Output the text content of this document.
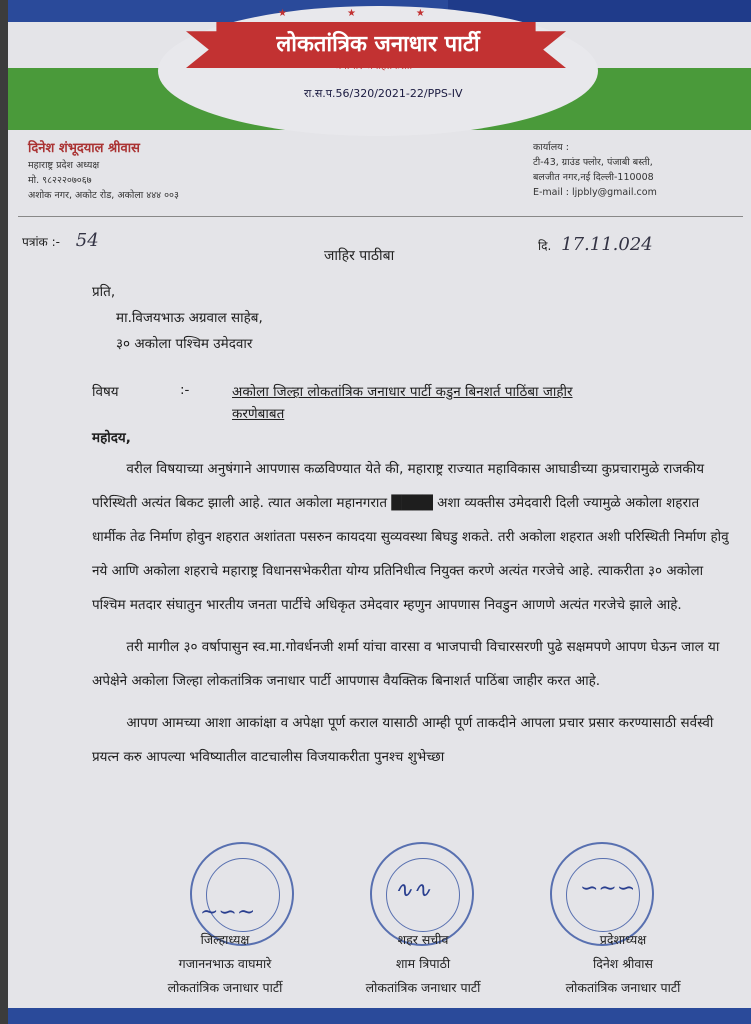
★★★
लोकतांत्रिक जनाधार पार्टी
जनाधार जनहितकरता
रा.स.प.56/320/2021-22/PPS-IV
दिनेश शंभूदयाल श्रीवास
महाराष्ट्र प्रदेश अध्यक्ष
मो. ९८२२२०७०६७
अशोक नगर, अकोट रोड, अकोला ४४४ ००३
कार्यालय :
टी-43, ग्राउंड फ्लोर, पंजाबी बस्ती,
बलजीत नगर,नई दिल्ली-110008
E-mail : ljpbly@gmail.com
पत्रांक :- 54
जाहिर पाठीबा
दि. 17.11.024
प्रति,
मा.विजयभाऊ अग्रवाल साहेब,
३० अकोला पश्चिम उमेदवार
विषय	:-	अकोला जिल्हा लोकतांत्रिक जनाधार पार्टी कडुन बिनशर्त पाठिंबा जाहीर
करणेबाबत
महोदय,
वरील विषयाच्या अनुषंगाने आपणास कळविण्यात येते की, महाराष्ट्र राज्यात महाविकास आघाडीच्या कुप्रचारामुळे राजकीय परिस्थिती अत्यंत बिकट झाली आहे. त्यात अकोला महानगरात ████ अशा व्यक्तीस उमेदवारी दिली ज्यामुळे अकोला शहरात धार्मीक तेढ निर्माण होवुन शहरात अशांतता पसरुन कायदया सुव्यवस्था बिघडु शकते. तरी अकोला शहरात अशी परिस्थिती निर्माण होवु नये आणि अकोला शहराचे महाराष्ट्र विधानसभेकरीता योग्य प्रतिनिधीत्व नियुक्त करणे अत्यंत गरजेचे आहे. त्याकरीता ३० अकोला पश्चिम मतदार संघातुन भारतीय जनता पार्टीचे अधिकृत उमेदवार म्हणुन आपणास निवडुन आणणे अत्यंत गरजेचे झाले आहे.
तरी मागील ३० वर्षापासुन स्व.मा.गोवर्धनजी शर्मा यांचा वारसा व भाजपाची विचारसरणी पुढे सक्षमपणे आपण घेऊन जाल या अपेक्षेने अकोला जिल्हा लोकतांत्रिक जनाधार पार्टी आपणास वैयक्तिक बिनाशर्त पाठिंबा जाहीर करत आहे.
आपण आमच्या आशा आकांक्षा व अपेक्षा पूर्ण कराल यासाठी आम्ही पूर्ण ताकदीने आपला प्रचार प्रसार करण्यासाठी सर्वस्वी प्रयत्न करु आपल्या भविष्यातील वाटचालीस विजयाकरीता पुनश्च शुभेच्छा
~∽~
∿∿	∽∼∽
जिल्हाध्यक्ष
गजाननभाऊ वाघमारे
लोकतांत्रिक जनाधार पार्टी
शहर सचीव
शाम त्रिपाठी
लोकतांत्रिक जनाधार पार्टी
प्रदेशाध्यक्ष
दिनेश श्रीवास
लोकतांत्रिक जनाधार पार्टी
